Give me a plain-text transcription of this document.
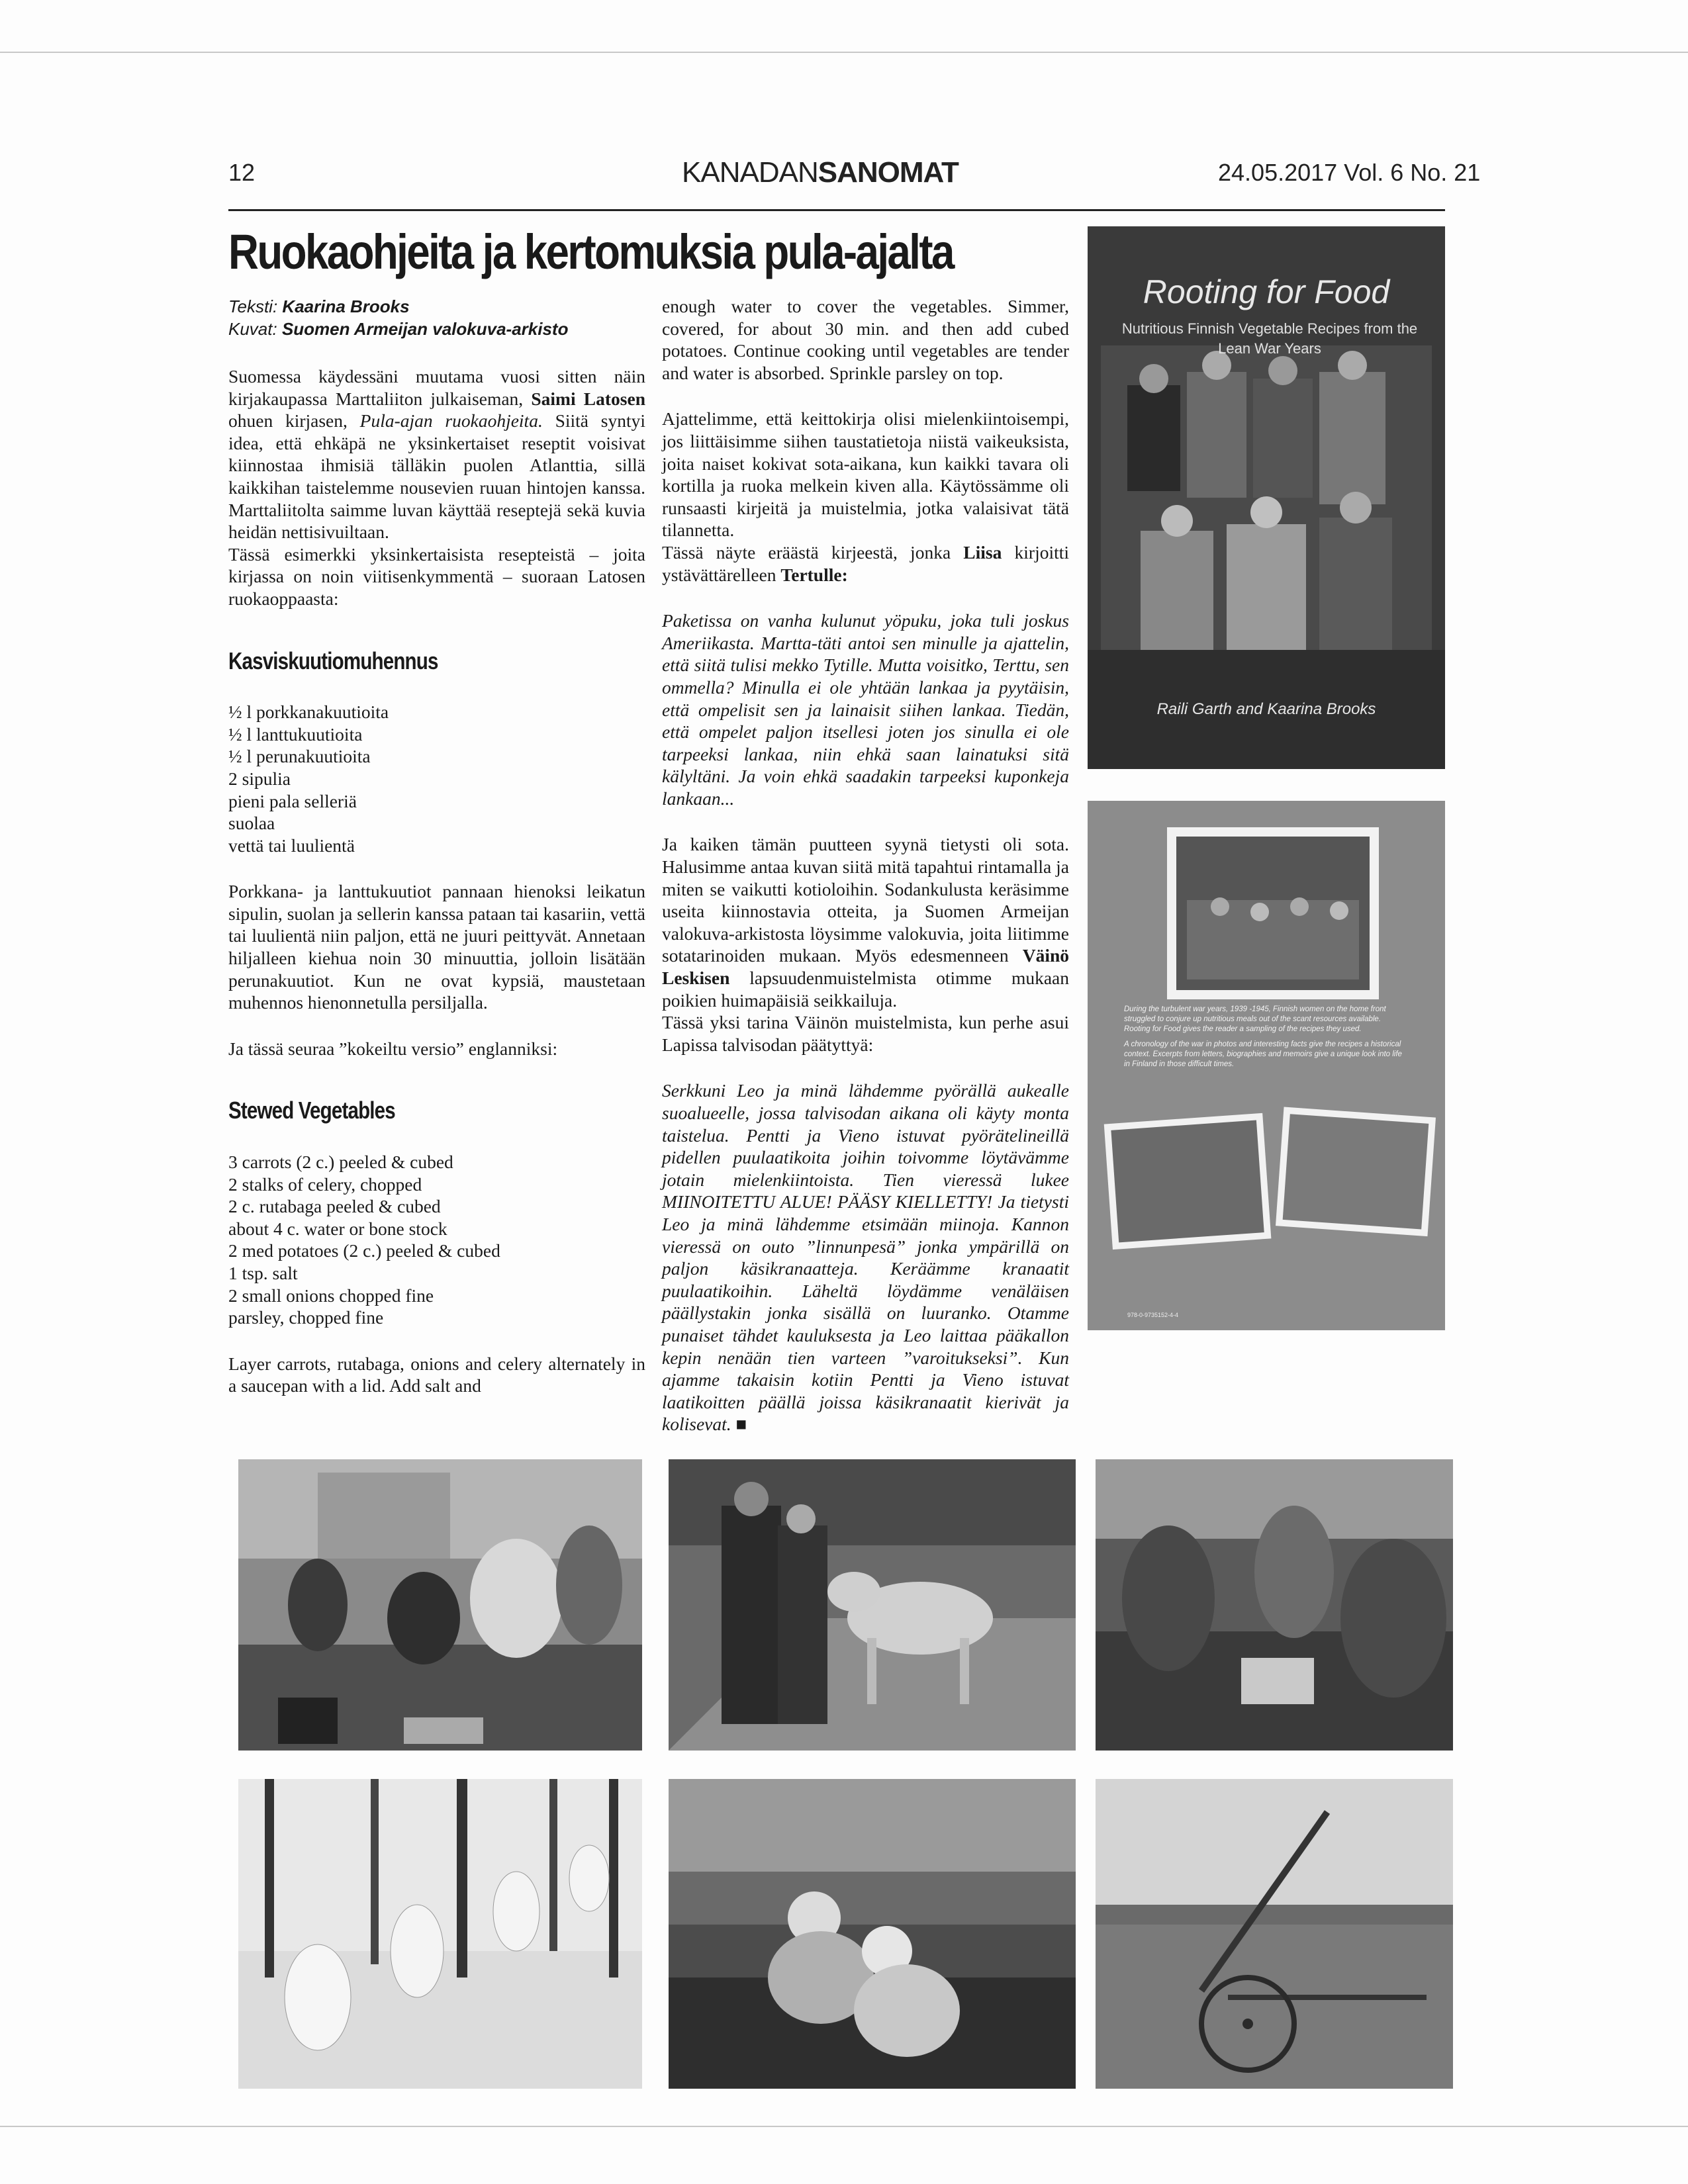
12	KANADANSANOMAT	24.05.2017 Vol. 6 No. 21
Ruokaohjeita ja kertomuksia pula-ajalta
Teksti: Kaarina Brooks
Kuvat: Suomen Armeijan valokuva-arkisto

Suomessa käydessäni muutama vuosi sitten näin kirjakaupassa Marttaliiton julkaiseman, Saimi Latosen ohuen kirjasen, Pula-ajan ruokaohjeita. Siitä syntyi idea, että ehkäpä ne yksinkertaiset reseptit voisivat kiinnostaa ihmisiä tälläkin puolen Atlanttia, sillä kaikkihan taistelemme nousevien ruuan hintojen kanssa. Marttaliitolta saimme luvan käyttää reseptejä sekä kuvia heidän nettisivuiltaan.

Tässä esimerkki yksinkertaisista resepteistä – joita kirjassa on noin viitisenkymmentä – suoraan Latosen ruokaoppaasta:

Kasviskuutiomuhennus
½ l porkkanakuutioita
½ l lanttukuutioita
½ l perunakuutioita
2 sipulia
pieni pala selleriä
suolaa
vettä tai luulientä

Porkkana- ja lanttukuutiot pannaan hienoksi leikatun sipulin, suolan ja sellerin kanssa pataan tai kasariin, vettä tai luulientä niin paljon, että ne juuri peittyvät. Annetaan hiljalleen kiehua noin 30 minuuttia, jolloin lisätään perunakuutiot. Kun ne ovat kypsiä, maustetaan muhennos hienonnetulla persiljalla.

Ja tässä seuraa ”kokeiltu versio” englanniksi:

Stewed Vegetables
3 carrots (2 c.) peeled & cubed
2 stalks of celery, chopped
2 c. rutabaga peeled & cubed
about 4 c. water or bone stock
2 med potatoes (2 c.) peeled & cubed
1 tsp. salt
2 small onions chopped fine
parsley, chopped fine

Layer carrots, rutabaga, onions and celery alternately in a saucepan with a lid. Add salt and

enough water to cover the vegetables. Simmer, covered, for about 30 min. and then add cubed potatoes. Continue cooking until vegetables are tender and water is absorbed. Sprinkle parsley on top.

Ajattelimme, että keittokirja olisi mielenkiintoisempi, jos liittäisimme siihen taustatietoja niistä vaikeuksista, joita naiset kokivat sota-aikana, kun kaikki tavara oli kortilla ja ruoka melkein kiven alla. Käytössämme oli runsaasti kirjeitä ja muistelmia, jotka valaisivat tätä tilannetta.

Tässä näyte eräästä kirjeestä, jonka Liisa kirjoitti ystävättärelleen Tertulle:

Paketissa on vanha kulunut yöpuku, joka tuli joskus Ameriikasta. Martta-täti antoi sen minulle ja ajattelin, että siitä tulisi mekko Tytille. Mutta voisitko, Terttu, sen ommella? Minulla ei ole yhtään lankaa ja pyytäisin, että ompelisit sen ja lainaisit siihen lankaa. Tiedän, että ompelet paljon itsellesi joten jos sinulla ei ole tarpeeksi lankaa, niin ehkä saan lainatuksi sitä kälyltäni. Ja voin ehkä saadakin tarpeeksi kuponkeja lankaan...

Ja kaiken tämän puutteen syynä tietysti oli sota. Halusimme antaa kuvan siitä mitä tapahtui rintamalla ja miten se vaikutti kotioloihin. Sodankulusta keräsimme useita kiinnostavia otteita, ja Suomen Armeijan valokuva-arkistosta löysimme valokuvia, joita liitimme sotatarinoiden mukaan. Myös edesmenneen Väinö Leskisen lapsuudenmuistelmista otimme mukaan poikien huimapäisiä seikkailuja.

Tässä yksi tarina Väinön muistelmista, kun perhe asui Lapissa talvisodan päätyttyä:

Serkkuni Leo ja minä lähdemme pyörällä aukealle suoalueelle, jossa talvisodan aikana oli käyty monta taistelua. Pentti ja Vieno istuvat pyörätelineillä pidellen puulaatikoita joihin toivomme löytävämme jotain mielenkiintoista. Tien vieressä lukee MIINOITETTU ALUE! PÄÄSY KIELLETTY! Ja tietysti Leo ja minä lähdemme etsimään miinoja. Kannon vieressä on outo ”linnunpesä” jonka ympärillä on paljon käsikranaatteja. Keräämme kranaatit puulaatikoihin. Läheltä löydämme venäläisen päällystakin jonka sisällä on luuranko. Otamme punaiset tähdet kauluksesta ja Leo laittaa pääkallon kepin nenään tien varteen ”varoitukseksi”. Kun ajamme takaisin kotiin Pentti ja Vieno istuvat laatikoitten päällä joissa käsikranaatit kierivät ja kolisevat. ■

Rooting for Food
Nutritious Finnish Vegetable Recipes from the Lean War Years
Raili Garth and Kaarina Brooks
During the turbulent war years, 1939 -1945, Finnish women on the home front struggled to conjure up nutritious meals out of the scant resources available. Rooting for Food gives the reader a sampling of the recipes they used.
A chronology of the war in photos and interesting facts give the recipes a historical context. Excerpts from letters, biographies and memoirs give a unique look into life in Finland in those difficult times.
978-0-9735152-4-4
